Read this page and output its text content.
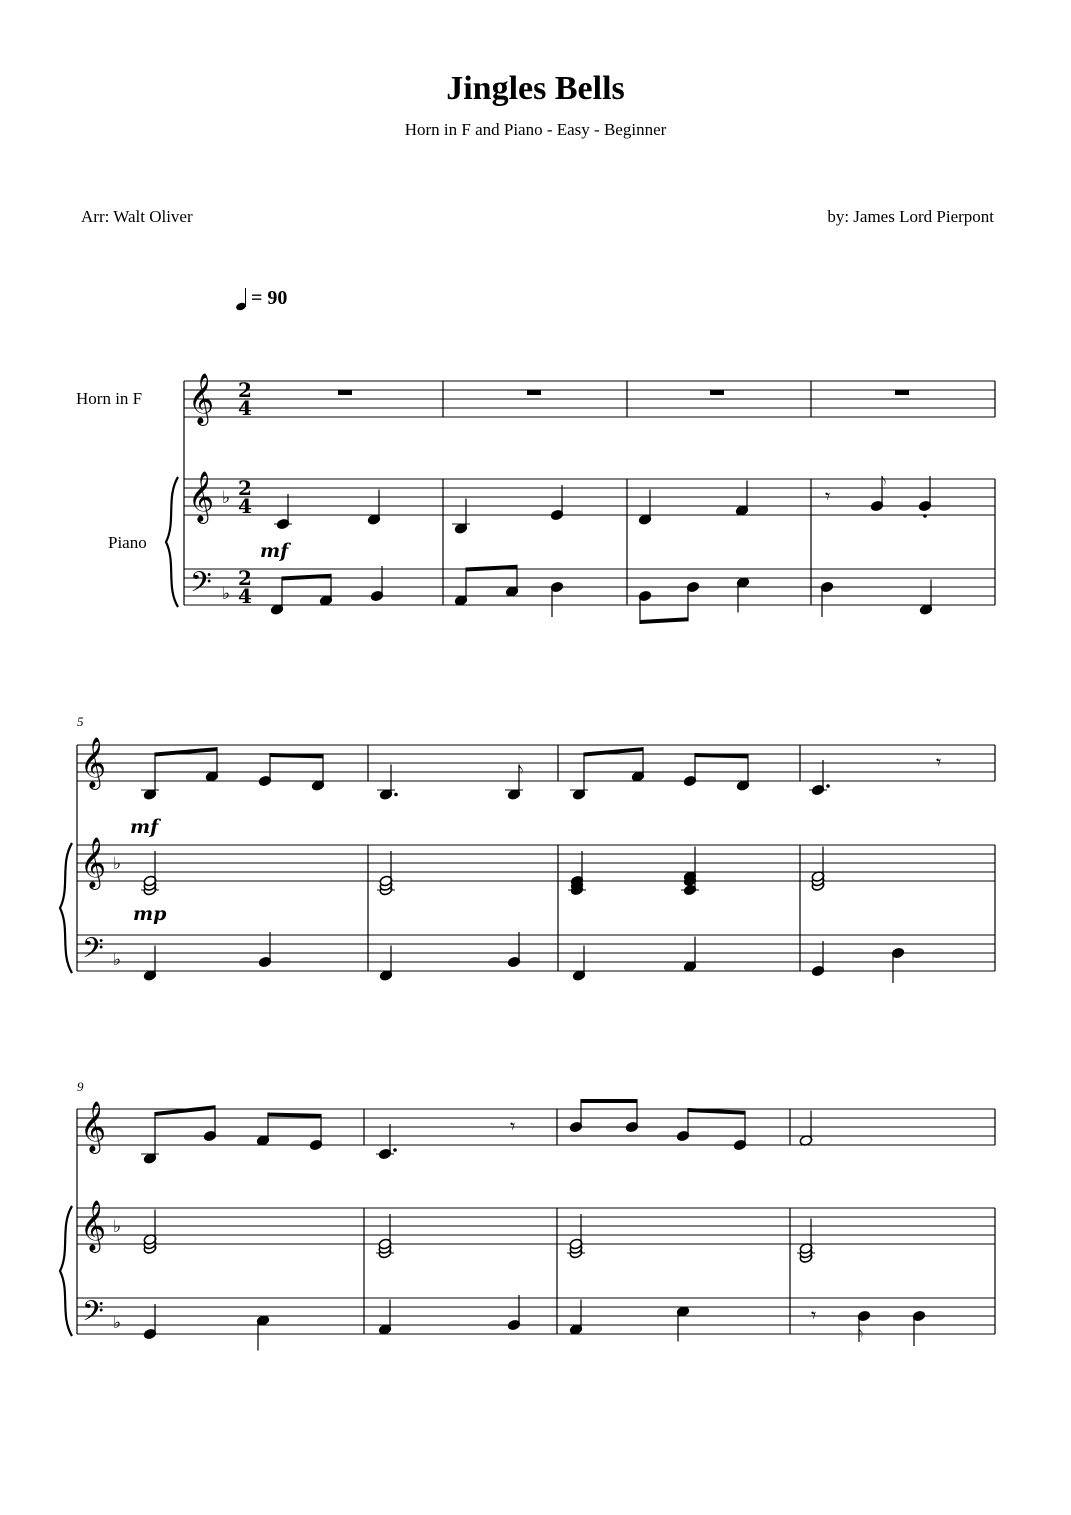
Jingles Bells
Horn in F and Piano - Easy - Beginner
Arr: Walt Oliver	by: James Lord Pierpont
= 90
Horn in F
Piano
5
9
𝄞
𝄞
𝄢
♭
♭
2
4
2
4
2
4
𝄾
𝅮
mf
𝄞
𝄞
𝄢
♭
♭
mf
𝅮	𝄾
mp
𝄞
𝄞
𝄢
♭
♭
𝄾
𝄾
𝅮
